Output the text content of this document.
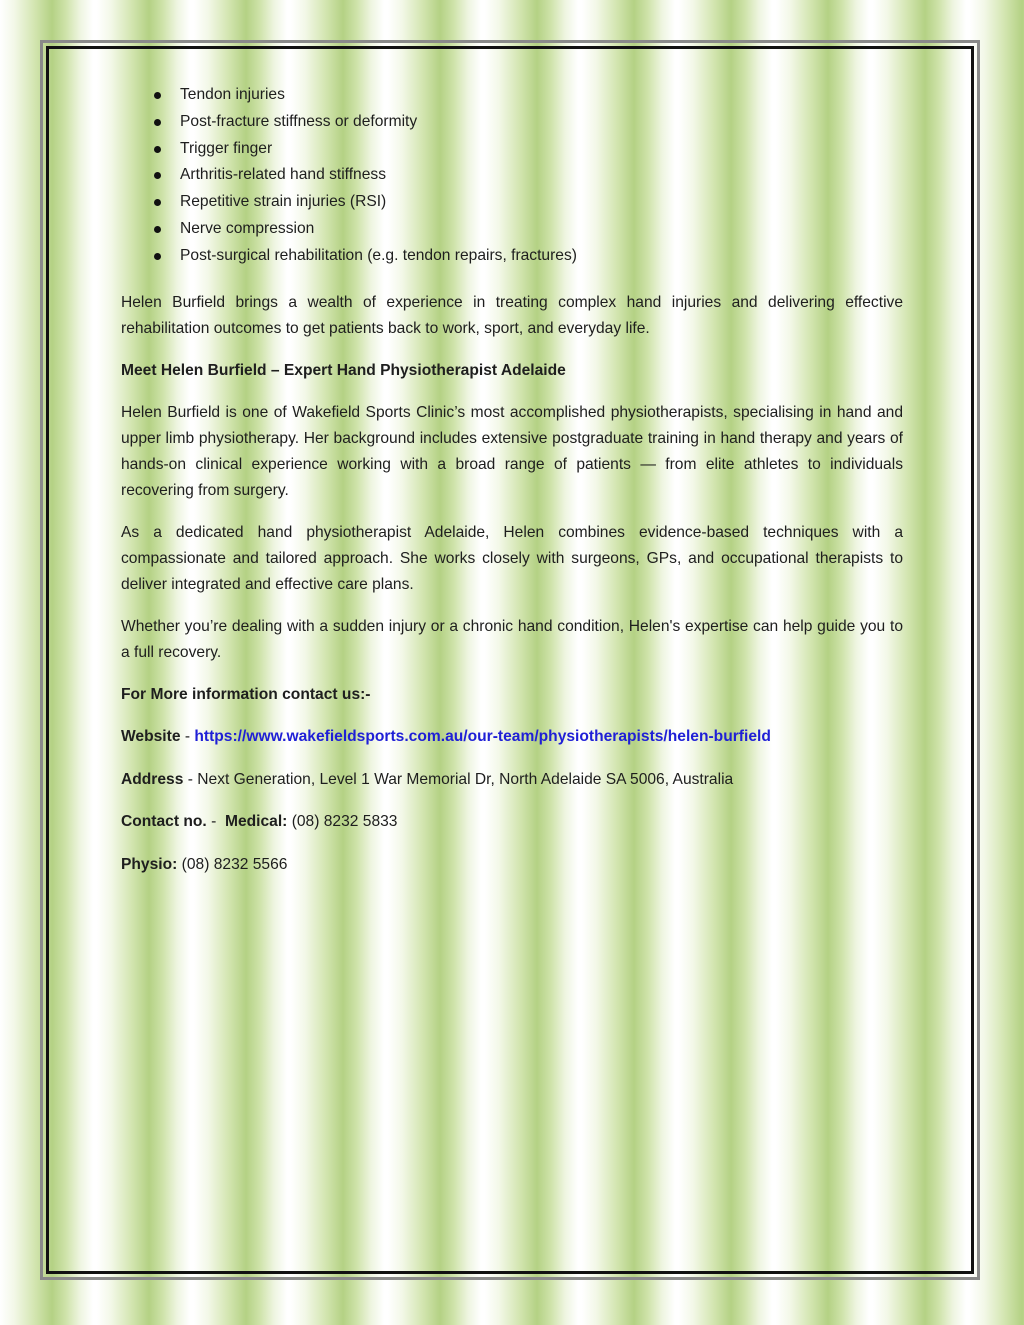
Tendon injuries
Post-fracture stiffness or deformity
Trigger finger
Arthritis-related hand stiffness
Repetitive strain injuries (RSI)
Nerve compression
Post-surgical rehabilitation (e.g. tendon repairs, fractures)

Helen Burfield brings a wealth of experience in treating complex hand injuries and delivering effective rehabilitation outcomes to get patients back to work, sport, and everyday life.

Meet Helen Burfield – Expert Hand Physiotherapist Adelaide

Helen Burfield is one of Wakefield Sports Clinic’s most accomplished physiotherapists, specialising in hand and upper limb physiotherapy. Her background includes extensive postgraduate training in hand therapy and years of hands-on clinical experience working with a broad range of patients — from elite athletes to individuals recovering from surgery.

As a dedicated hand physiotherapist Adelaide, Helen combines evidence-based techniques with a compassionate and tailored approach. She works closely with surgeons, GPs, and occupational therapists to deliver integrated and effective care plans.

Whether you’re dealing with a sudden injury or a chronic hand condition, Helen's expertise can help guide you to a full recovery.

For More information contact us:-

Website - https://www.wakefieldsports.com.au/our-team/physiotherapists/helen-burfield

Address - Next Generation, Level 1 War Memorial Dr, North Adelaide SA 5006, Australia

Contact no. -  Medical: (08) 8232 5833

Physio: (08) 8232 5566
